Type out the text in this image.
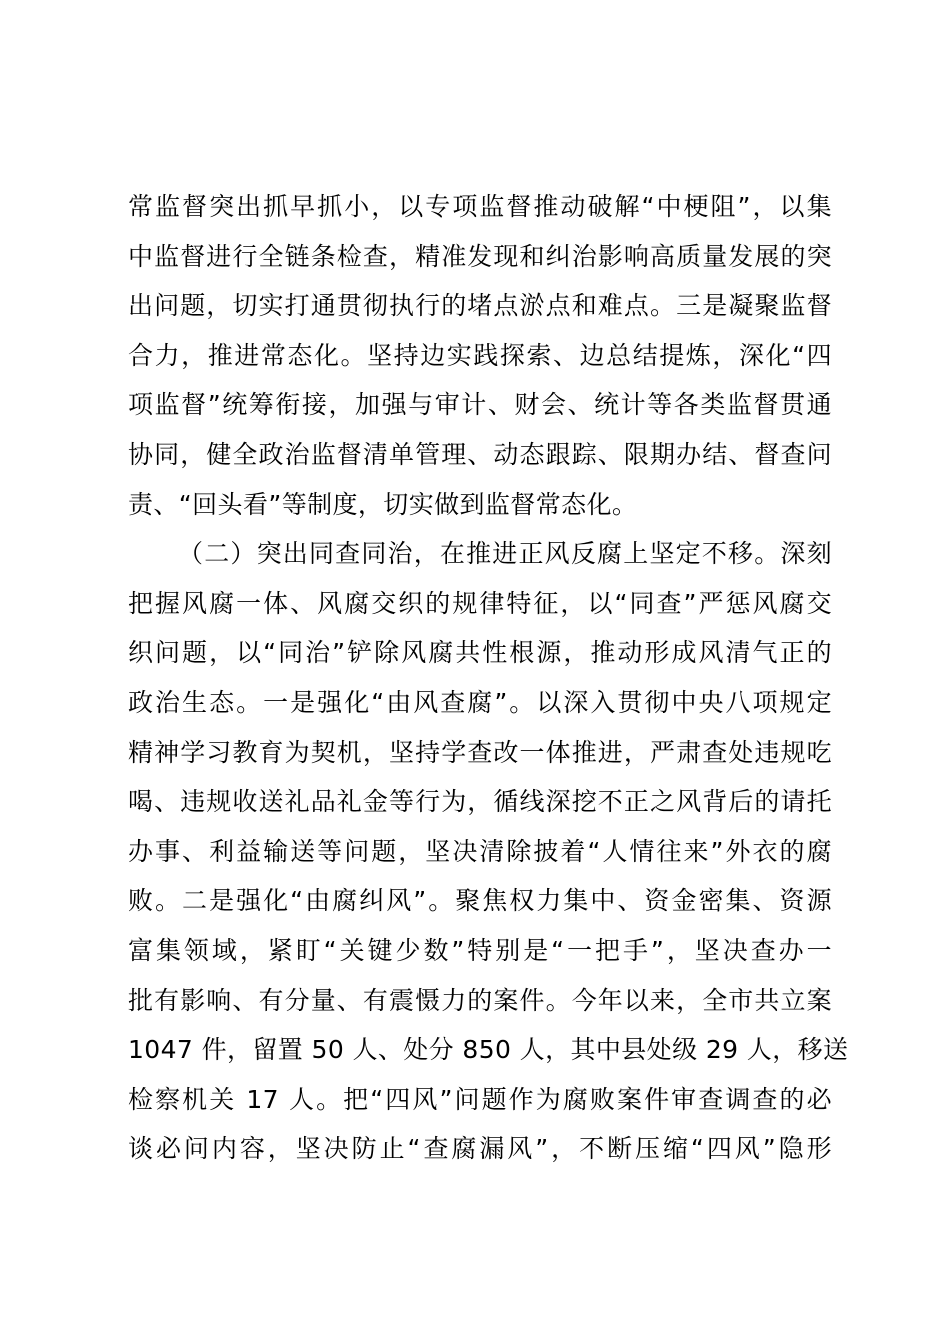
常监督突出抓早抓小，以专项监督推动破解“中梗阻”，以集
中监督进行全链条检查，精准发现和纠治影响高质量发展的突
出问题，切实打通贯彻执行的堵点淤点和难点。三是凝聚监督
合力，推进常态化。坚持边实践探索、边总结提炼，深化“四
项监督”统筹衔接，加强与审计、财会、统计等各类监督贯通
协同，健全政治监督清单管理、动态跟踪、限期办结、督查问
责、“回头看”等制度，切实做到监督常态化。
（二）突出同查同治，在推进正风反腐上坚定不移。深刻
把握风腐一体、风腐交织的规律特征，以“同查”严惩风腐交
织问题，以“同治”铲除风腐共性根源，推动形成风清气正的
政治生态。一是强化“由风查腐”。以深入贯彻中央八项规定
精神学习教育为契机，坚持学查改一体推进，严肃查处违规吃
喝、违规收送礼品礼金等行为，循线深挖不正之风背后的请托
办事、利益输送等问题，坚决清除披着“人情往来”外衣的腐
败。二是强化“由腐纠风”。聚焦权力集中、资金密集、资源
富集领域，紧盯“关键少数”特别是“一把手”，坚决查办一
批有影响、有分量、有震慑力的案件。今年以来，全市共立案
1047 件，留置 50 人、处分 850 人，其中县处级 29 人，移送
检察机关 17 人。把“四风”问题作为腐败案件审查调查的必
谈必问内容，坚决防止“查腐漏风”，不断压缩“四风”隐形
